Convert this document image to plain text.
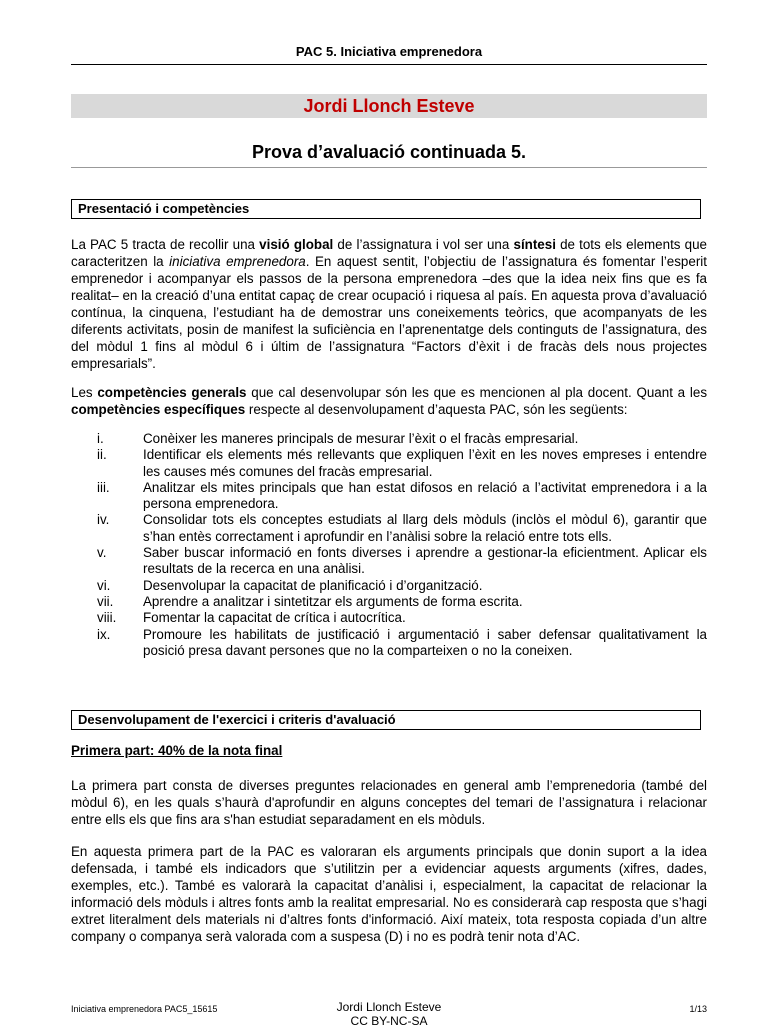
PAC 5. Iniciativa emprenedora
Jordi Llonch Esteve
Prova d’avaluació continuada 5.
Presentació i competències
La PAC 5 tracta de recollir una visió global de l’assignatura i vol ser una síntesi de tots els elements que caracteritzen la iniciativa emprenedora. En aquest sentit, l’objectiu de l’assignatura és fomentar l’esperit emprenedor i acompanyar els passos de la persona emprenedora –des que la idea neix fins que es fa realitat– en la creació d’una entitat capaç de crear ocupació i riquesa al país. En aquesta prova d’avaluació contínua, la cinquena, l’estudiant ha de demostrar uns coneixements teòrics, que acompanyats de les diferents activitats, posin de manifest la suficiència en l’aprenentatge dels continguts de l’assignatura, des del mòdul 1 fins al mòdul 6 i últim de l’assignatura “Factors d’èxit i de fracàs dels nous projectes empresarials”.
Les competències generals que cal desenvolupar són les que es mencionen al pla docent. Quant a les competències específiques respecte al desenvolupament d’aquesta PAC, són les següents:
i.	Conèixer les maneres principals de mesurar l’èxit o el fracàs empresarial.
ii.	Identificar els elements més rellevants que expliquen l’èxit en les noves empreses i entendre les causes més comunes del fracàs empresarial.
iii.	Analitzar els mites principals que han estat difosos en relació a l’activitat emprenedora i a la persona emprenedora.
iv.	Consolidar tots els conceptes estudiats al llarg dels mòduls (inclòs el mòdul 6), garantir que s’han entès correctament i aprofundir en l’anàlisi sobre la relació entre tots ells.
v.	Saber buscar informació en fonts diverses i aprendre a gestionar-la eficientment. Aplicar els resultats de la recerca en una anàlisi.
vi.	Desenvolupar la capacitat de planificació i d’organització.
vii.	Aprendre a analitzar i sintetitzar els arguments de forma escrita.
viii.	Fomentar la capacitat de crítica i autocrítica.
ix.	Promoure les habilitats de justificació i argumentació i saber defensar qualitativament la posició presa davant persones que no la comparteixen o no la coneixen.
Desenvolupament de l'exercici i criteris d'avaluació
Primera part: 40% de la nota final
La primera part consta de diverses preguntes relacionades en general amb l’emprenedoria (també del mòdul 6), en les quals s’haurà d'aprofundir en alguns conceptes del temari de l’assignatura i relacionar entre ells els que fins ara s'han estudiat separadament en els mòduls.
En aquesta primera part de la PAC es valoraran els arguments principals que donin suport a la idea defensada, i també els indicadors que s’utilitzin per a evidenciar aquests arguments (xifres, dades, exemples, etc.). També es valorarà la capacitat d’anàlisi i, especialment, la capacitat de relacionar la informació dels mòduls i altres fonts amb la realitat empresarial. No es considerarà cap resposta que s’hagi extret literalment dels materials ni d’altres fonts d'informació. Així mateix, tota resposta copiada d’un altre company o companya serà valorada com a suspesa (D) i no es podrà tenir nota d’AC.
Iniciativa emprenedora PAC5_15615	Jordi Llonch Esteve
CC BY-NC-SA
1/13
